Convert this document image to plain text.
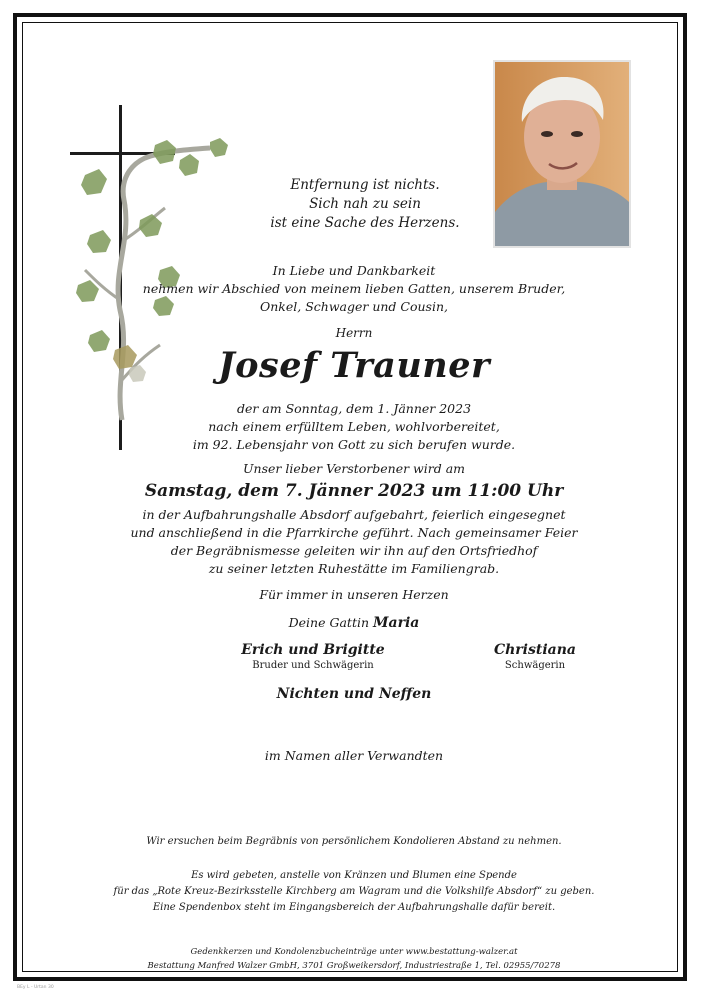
Entfernung ist nichts.
Sich nah zu sein
ist eine Sache des Herzens.
In Liebe und Dankbarkeit
nehmen wir Abschied von meinem lieben Gatten, unserem Bruder,
Onkel, Schwager und Cousin,
Herrn
Josef Trauner
der am Sonntag, dem 1. Jänner 2023
nach einem erfülltem Leben, wohlvorbereitet,
im 92. Lebensjahr von Gott zu sich berufen wurde.
Unser lieber Verstorbener wird am
Samstag, dem 7. Jänner 2023 um 11:00 Uhr
in der Aufbahrungshalle Absdorf aufgebahrt, feierlich eingesegnet
und anschließend in die Pfarrkirche geführt. Nach gemeinsamer Feier
der Begräbnismesse geleiten wir ihn auf den Ortsfriedhof
zu seiner letzten Ruhestätte im Familiengrab.
Für immer in unseren Herzen
Deine Gattin Maria
Erich und Brigitte
Bruder und Schwägerin
Christiana
Schwägerin
Nichten und Neffen
im Namen aller Verwandten
Wir ersuchen beim Begräbnis von persönlichem Kondolieren Abstand zu nehmen.
Es wird gebeten, anstelle von Kränzen und Blumen eine Spende
für das „Rote Kreuz-Bezirksstelle Kirchberg am Wagram und die Volkshilfe Absdorf“ zu geben.
Eine Spendenbox steht im Eingangsbereich der Aufbahrungshalle dafür bereit.
Gedenkkerzen und Kondolenzbucheinträge unter www.bestattung-walzer.at
Bestattung Manfred Walzer GmbH, 3701 Großweikersdorf, Industriestraße 1, Tel. 02955/70278
BEy L - Urtan 30
